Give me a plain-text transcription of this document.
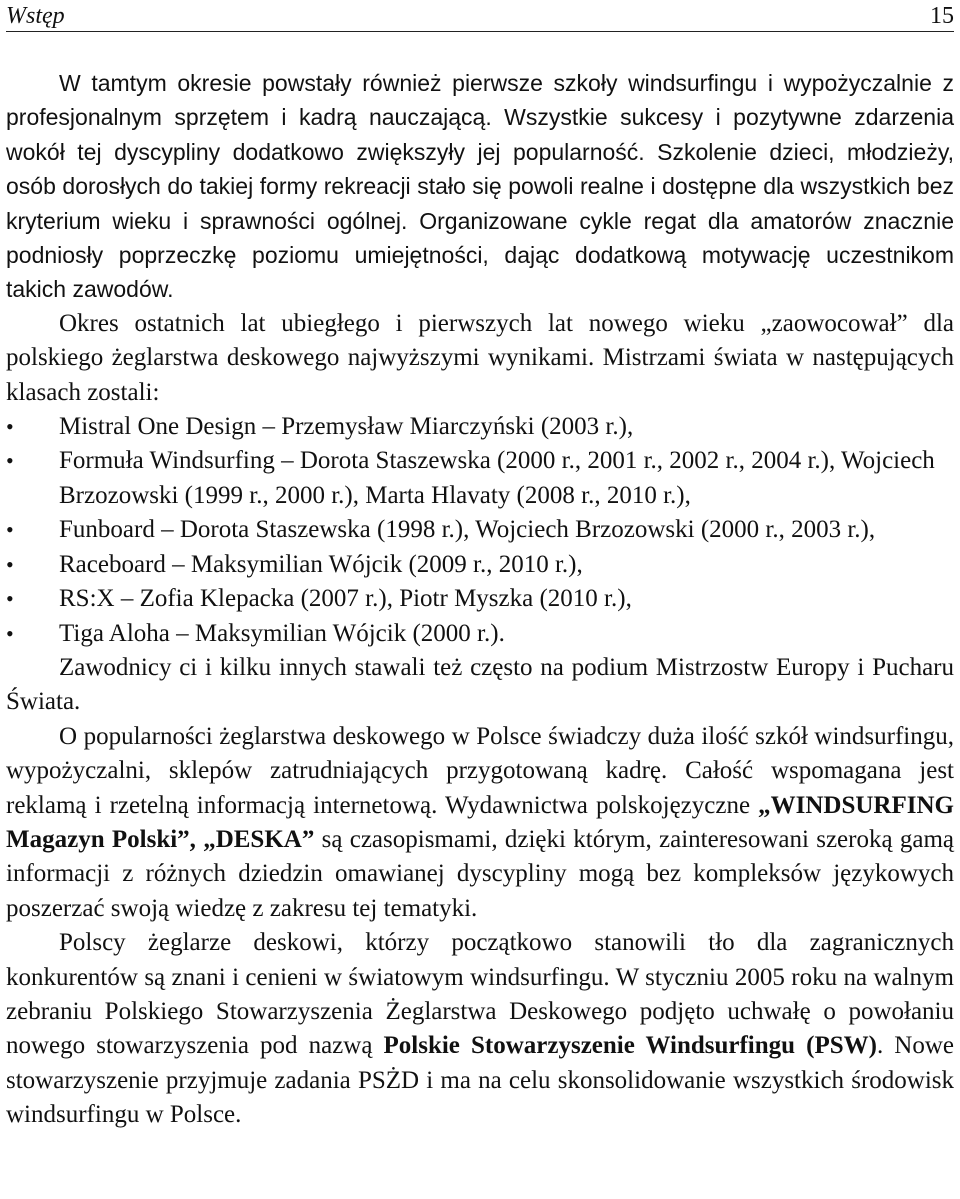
Wstęp	15

W tamtym okresie powstały również pierwsze szkoły windsurfingu i wypożyczalnie z profesjonalnym sprzętem i kadrą nauczającą. Wszystkie sukcesy i pozytywne zdarzenia wokół tej dyscypliny dodatkowo zwiększyły jej popularność. Szkolenie dzieci, młodzieży, osób dorosłych do takiej formy rekreacji stało się powoli realne i dostępne dla wszystkich bez kryterium wieku i sprawności ogólnej. Organizowane cykle regat dla amatorów znacznie podniosły poprzeczkę poziomu umiejętności, dając dodatkową motywację uczestnikom takich zawodów.

Okres ostatnich lat ubiegłego i pierwszych lat nowego wieku „zaowocował” dla polskiego żeglarstwa deskowego najwyższymi wynikami. Mistrzami świata w następujących klasach zostali:

•	Mistral One Design – Przemysław Miarczyński (2003 r.),
•	Formuła Windsurfing – Dorota Staszewska (2000 r., 2001 r., 2002 r., 2004 r.), Wojciech Brzozowski (1999 r., 2000 r.), Marta Hlavaty (2008 r., 2010 r.),
•	Funboard – Dorota Staszewska (1998 r.), Wojciech Brzozowski (2000 r., 2003 r.),
•	Raceboard – Maksymilian Wójcik (2009 r., 2010 r.),
•	RS:X – Zofia Klepacka (2007 r.), Piotr Myszka (2010 r.),
•	Tiga Aloha – Maksymilian Wójcik (2000 r.).

Zawodnicy ci i kilku innych stawali też często na podium Mistrzostw Europy i Pucharu Świata.

O popularności żeglarstwa deskowego w Polsce świadczy duża ilość szkół windsurfingu, wypożyczalni, sklepów zatrudniających przygotowaną kadrę. Całość wspomagana jest reklamą i rzetelną informacją internetową. Wydawnictwa polskojęzyczne „WINDSURFING Magazyn Polski”, „DESKA” są czasopismami, dzięki którym, zainteresowani szeroką gamą informacji z różnych dziedzin omawianej dyscypliny mogą bez kompleksów językowych poszerzać swoją wiedzę z zakresu tej tematyki.

Polscy żeglarze deskowi, którzy początkowo stanowili tło dla zagranicznych konkurentów są znani i cenieni w światowym windsurfingu. W styczniu 2005 roku na walnym zebraniu Polskiego Stowarzyszenia Żeglarstwa Deskowego podjęto uchwałę o powołaniu nowego stowarzyszenia pod nazwą Polskie Stowarzyszenie Windsurfingu (PSW). Nowe stowarzyszenie przyjmuje zadania PSŻD i ma na celu skonsolidowanie wszystkich środowisk windsurfingu w Polsce.
